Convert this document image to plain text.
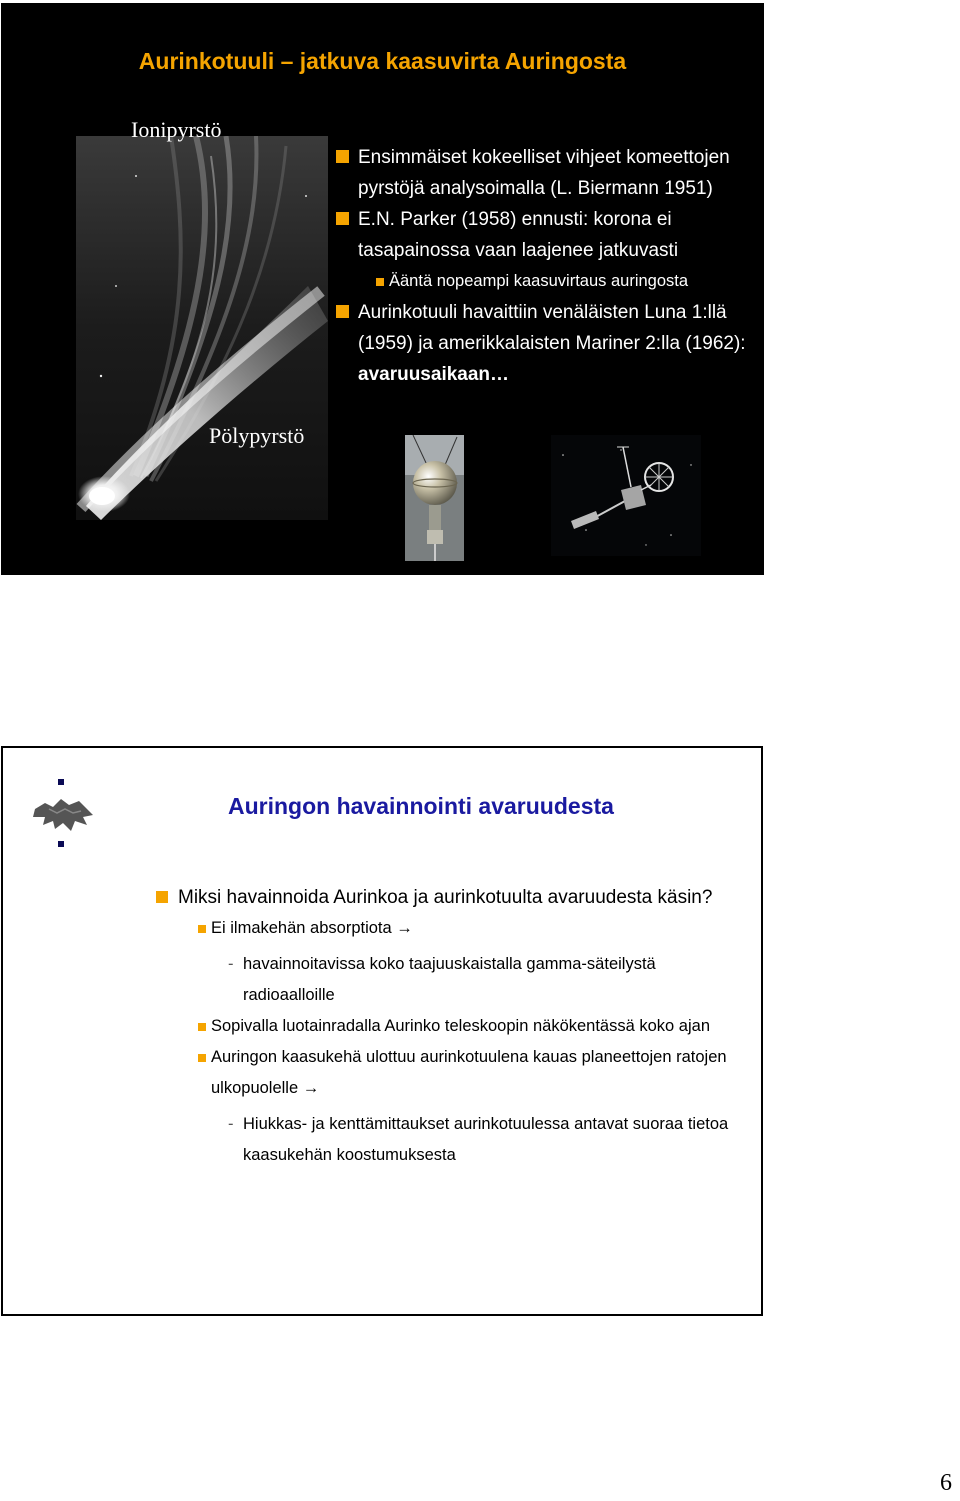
Aurinkotuuli – jatkuva kaasuvirta Auringosta
Ionipyrstö
Pölypyrstö

Ensimmäiset kokeelliset vihjeet komeettojen pyrstöjä analysoimalla (L. Biermann 1951)

E.N. Parker (1958) ennusti: korona ei tasapainossa vaan laajenee jatkuvasti

Ääntä nopeampi kaasuvirtaus auringosta

Aurinkotuuli havaittiin venäläisten Luna 1:llä (1959) ja amerikkalaisten Mariner 2:lla (1962): avaruusaikaan…

Auringon havainnointi avaruudesta

Miksi havainnoida Aurinkoa ja aurinkotuulta avaruudesta käsin?

Ei ilmakehän absorptiota →

- havainnoitavissa koko taajuuskaistalla gamma-säteilystä radioaalloille

Sopivalla luotainradalla Aurinko teleskoopin näkökentässä koko ajan

Auringon kaasukehä ulottuu aurinkotuulena kauas planeettojen ratojen ulkopuolelle →

- Hiukkas- ja kenttämittaukset aurinkotuulessa antavat suoraa tietoa kaasukehän koostumuksesta

6
